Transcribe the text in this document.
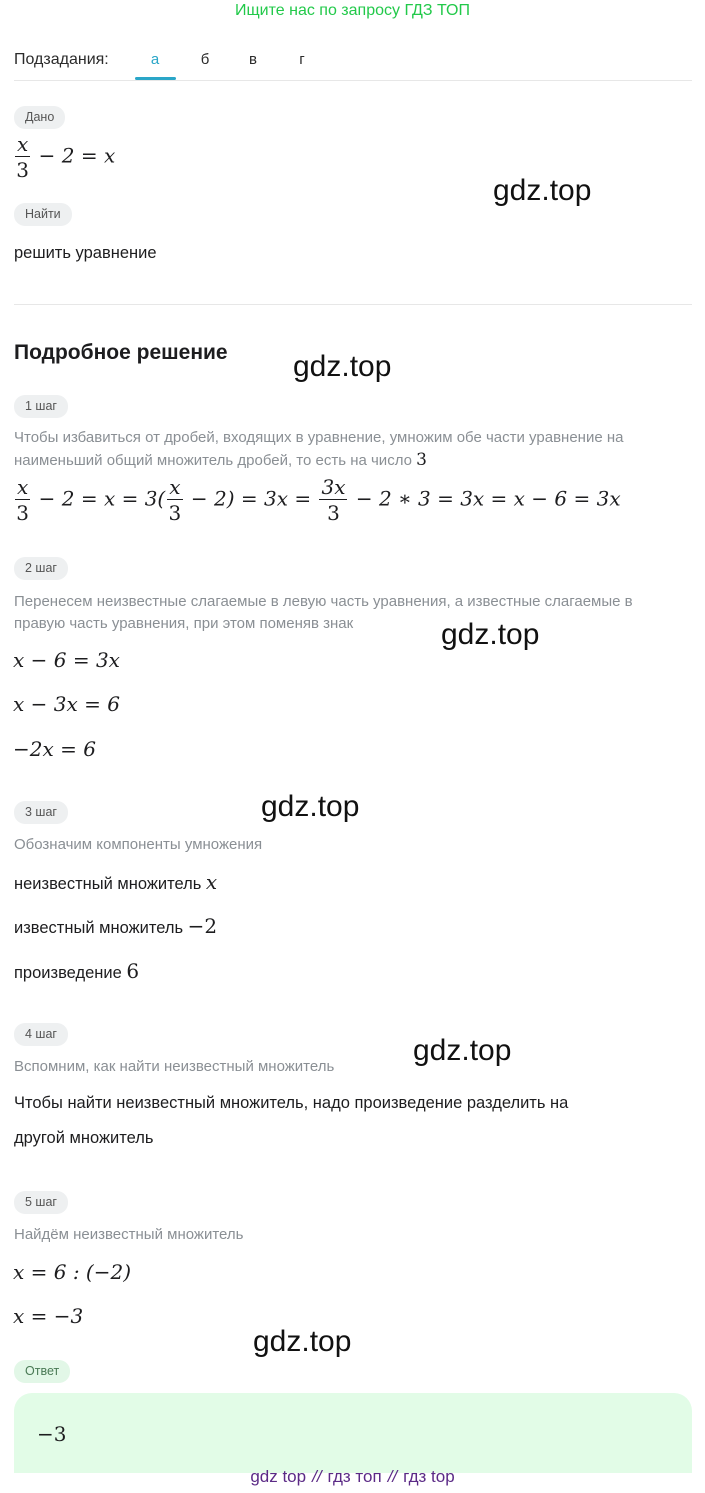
Ищите нас по запросу ГДЗ ТОП
Подзадания:	а	б	в	г
Дано
$\frac{x}{3} - 2 = x$
Найти
решить уравнение
Подробное решение
1 шаг
Чтобы избавиться от дробей, входящих в уравнение, умножим обе части уравнение на
наименьший общий множитель дробей, то есть на число 3
$\frac{x}{3} - 2 = x = 3( \frac{x}{3} - 2) = 3x = \frac{3x}{3} - 2$ ∗ 3 = 3x = x − 6 = 3x
2 шаг
Перенесем неизвестные слагаемые в левую часть уравнения, а известные слагаемые в
правую часть уравнения, при этом поменяв знак
x − 6 = 3x
x − 3x = 6
−2x = 6
3 шаг
Обозначим компоненты умножения
неизвестный множитель x
известный множитель −2
произведение 6
4 шаг
Вспомним, как найти неизвестный множитель
Чтобы найти неизвестный множитель, надо произведение разделить на
другой множитель
5 шаг
Найдём неизвестный множитель
x = 6 : (−2)
x = −3
Ответ
−3
gdz.top
gdz.top
gdz.top
gdz.top
gdz.top
gdz.top
gdz top // гдз топ // гдз top
